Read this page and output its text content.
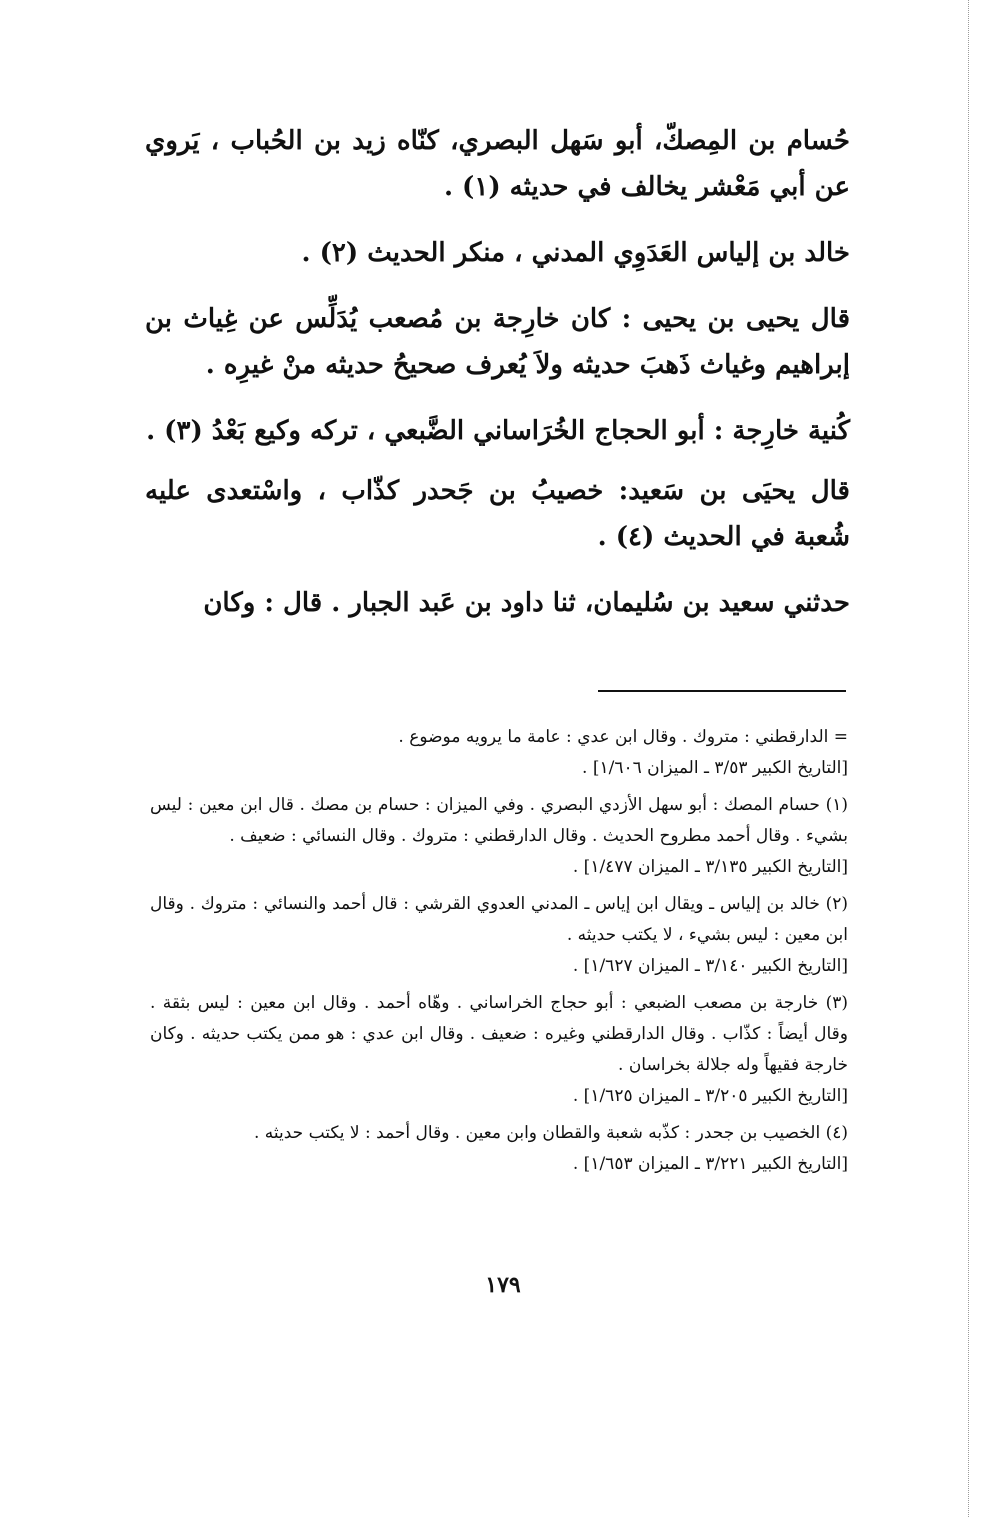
حُسام بن المِصكّ، أبو سَهل البصري، كنّاه زيد بن الحُباب ، يَروي عن أبي مَعْشر يخالف في حديثه (١) .

خالد بن إلياس العَدَوِي المدني ، منكر الحديث (٢) .

قال يحيى بن يحيى : كان خارِجة بن مُصعب يُدَلِّس عن غِياث بن إبراهيم وغياث ذَهبَ حديثه ولاَ يُعرف صحيحُ حديثه منْ غيرِه .

كُنية خارِجة : أبو الحجاج الخُرَاساني الضَّبعي ، تركه وكيع بَعْدُ (٣) .

قال يحيَى بن سَعيد: خصيبُ بن جَحدر كذّاب ، واسْتعدى عليه شُعبة في الحديث (٤) .

حدثني سعيد بن سُليمان، ثنا داود بن عَبد الجبار . قال : وكان

= الدارقطني : متروك . وقال ابن عدي : عامة ما يرويه موضوع .
[التاريخ الكبير ٣/٥٣ ـ الميزان ١/٦٠٦] .

(١) حسام المصك : أبو سهل الأزدي البصري . وفي الميزان : حسام بن مصك . قال ابن معين : ليس بشيء . وقال أحمد مطروح الحديث . وقال الدارقطني : متروك . وقال النسائي : ضعيف .
[التاريخ الكبير ٣/١٣٥ ـ الميزان ١/٤٧٧] .

(٢) خالد بن إلياس ـ ويقال ابن إياس ـ المدني العدوي القرشي : قال أحمد والنسائي : متروك . وقال ابن معين : ليس بشيء ، لا يكتب حديثه .
[التاريخ الكبير ٣/١٤٠ ـ الميزان ١/٦٢٧] .

(٣) خارجة بن مصعب الضبعي : أبو حجاج الخراساني . وهّاه أحمد . وقال ابن معين : ليس بثقة . وقال أيضاً : كذّاب . وقال الدارقطني وغيره : ضعيف . وقال ابن عدي : هو ممن يكتب حديثه . وكان خارجة فقيهاً وله جلالة بخراسان .
[التاريخ الكبير ٣/٢٠٥ ـ الميزان ١/٦٢٥] .

(٤) الخصيب بن جحدر : كذّبه شعبة والقطان وابن معين . وقال أحمد : لا يكتب حديثه .
[التاريخ الكبير ٣/٢٢١ ـ الميزان ١/٦٥٣] .

١٧٩
